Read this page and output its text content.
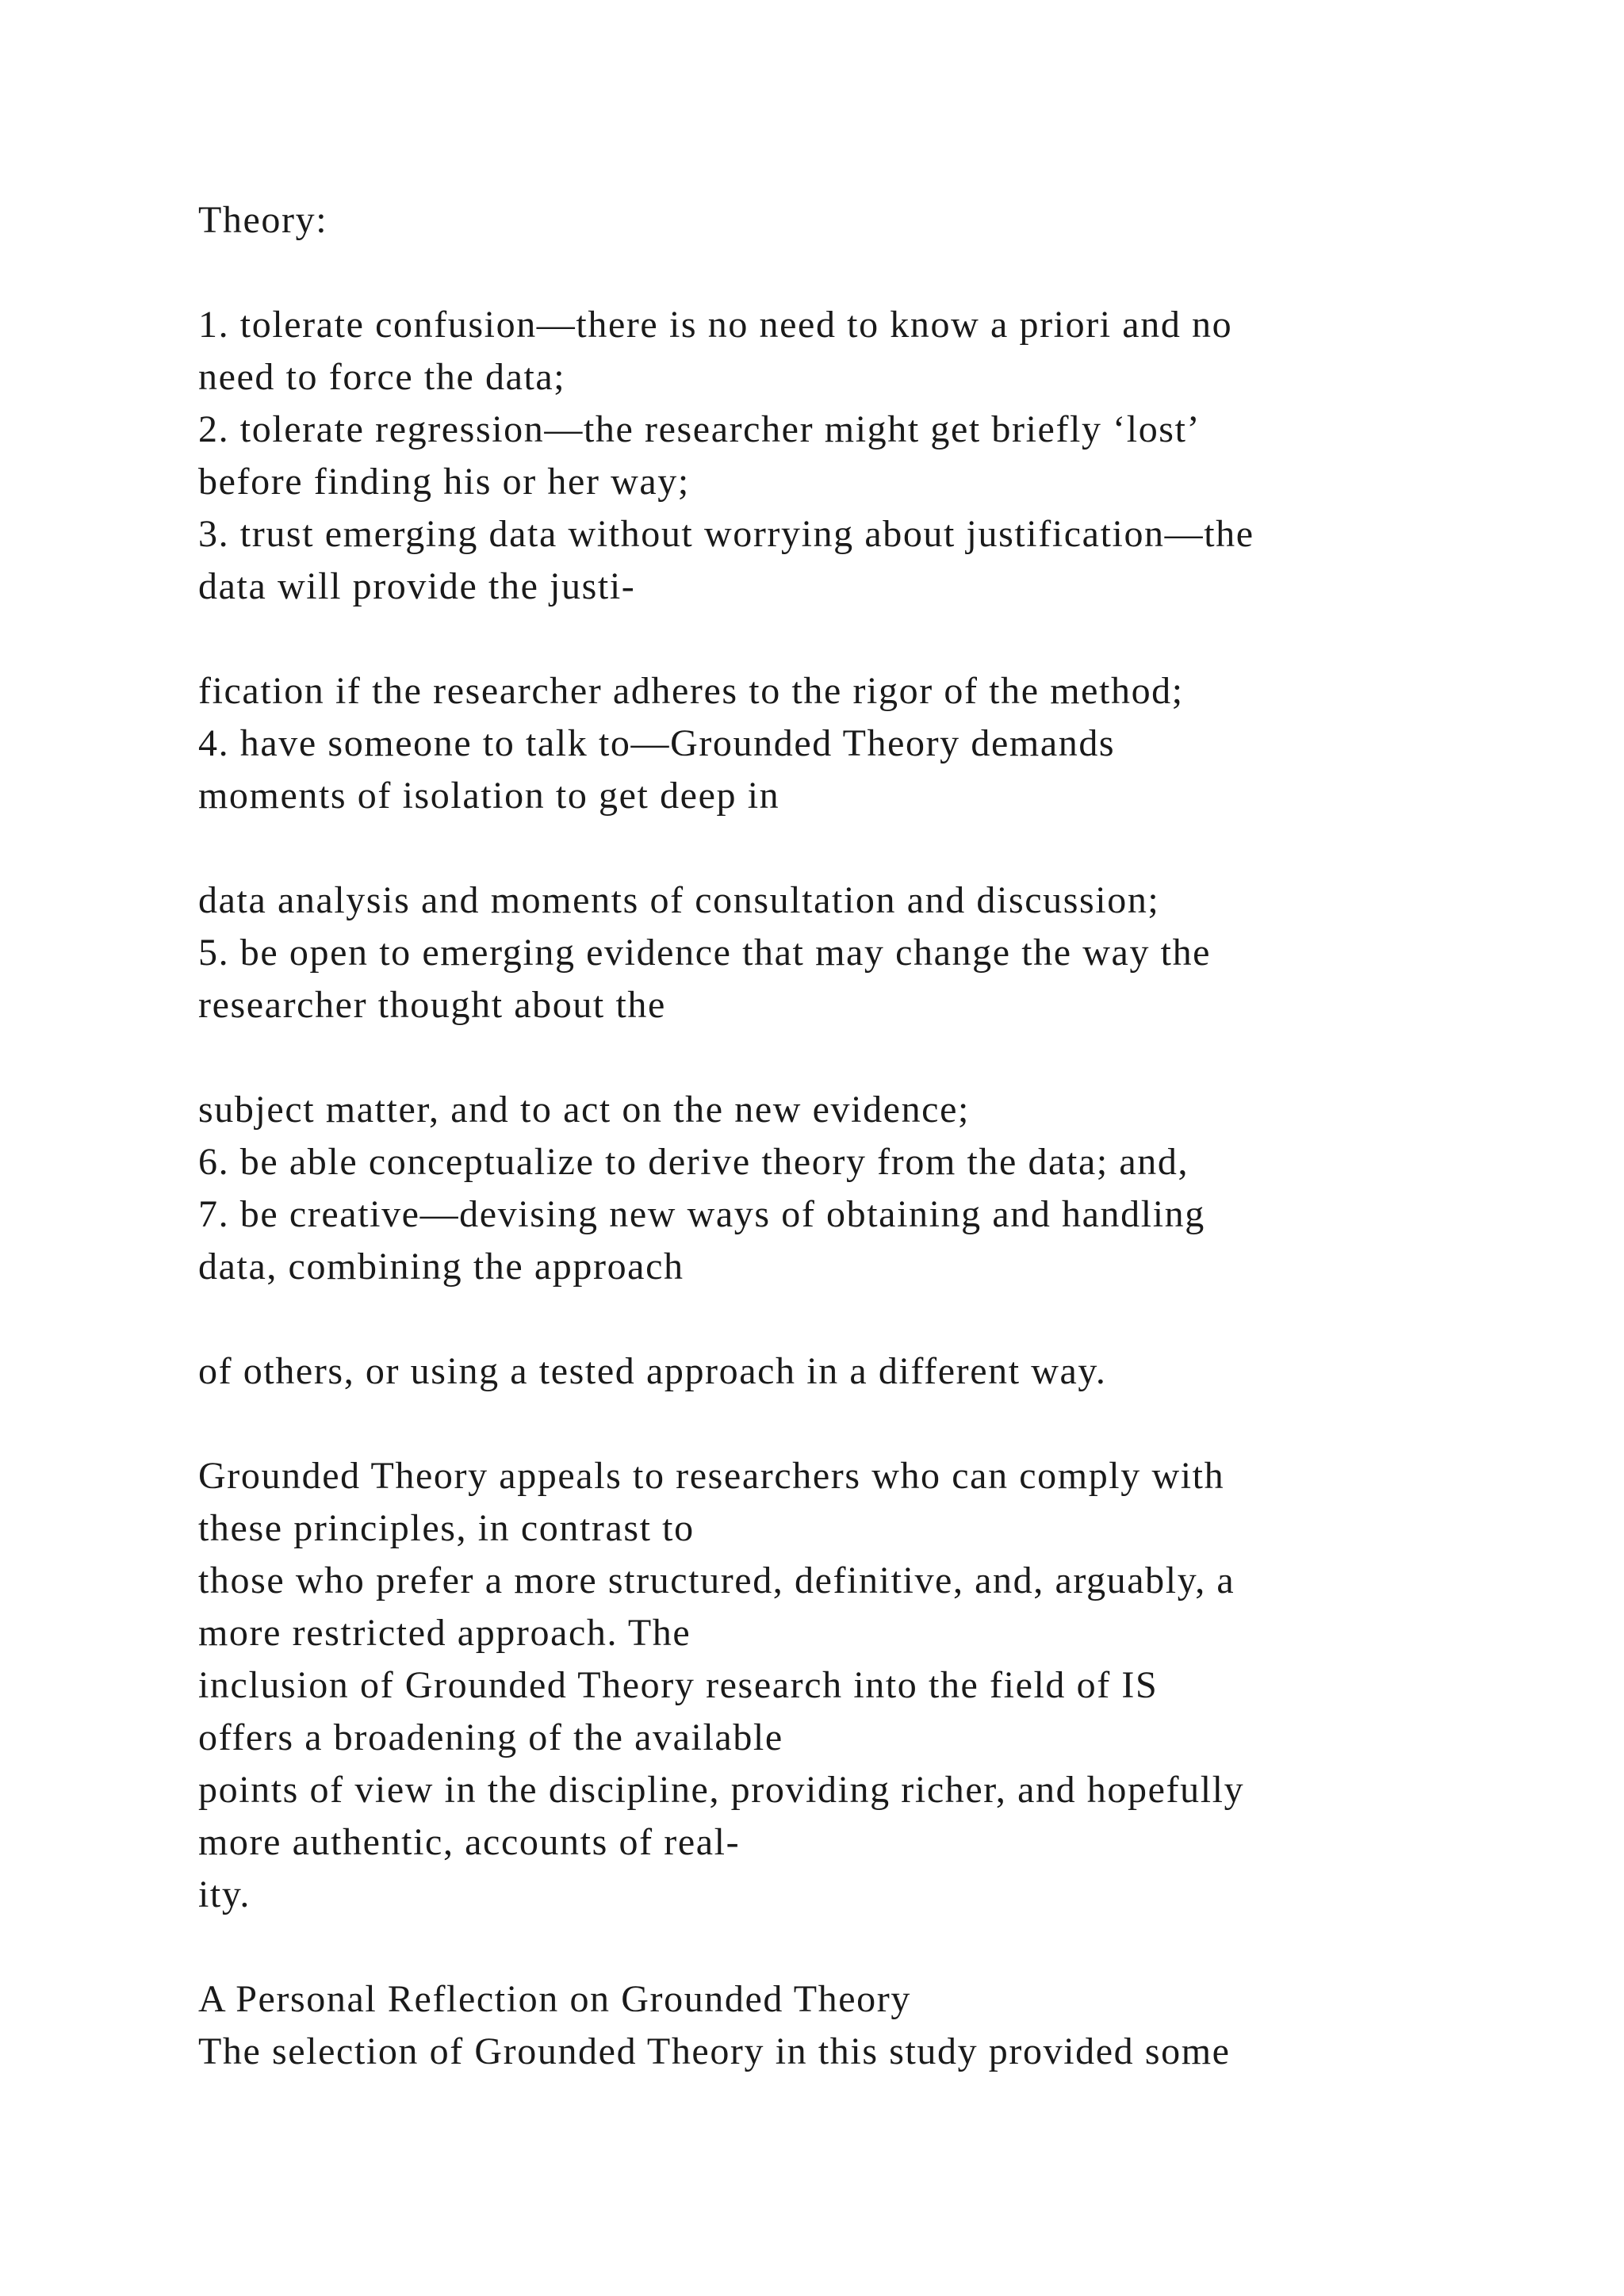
Theory:
1. tolerate confusion—there is no need to know a priori and no
need to force the data;
2. tolerate regression—the researcher might get briefly ‘lost’
before finding his or her way;
3. trust emerging data without worrying about justification—the
data will provide the justi-
fication if the researcher adheres to the rigor of the method;
4. have someone to talk to—Grounded Theory demands
moments of isolation to get deep in
data analysis and moments of consultation and discussion;
5. be open to emerging evidence that may change the way the
researcher thought about the
subject matter, and to act on the new evidence;
6. be able conceptualize to derive theory from the data; and,
7. be creative—devising new ways of obtaining and handling
data, combining the approach
of others, or using a tested approach in a different way.
Grounded Theory appeals to researchers who can comply with
these principles, in contrast to
those who prefer a more structured, definitive, and, arguably, a
more restricted approach. The
inclusion of Grounded Theory research into the field of IS
offers a broadening of the available
points of view in the discipline, providing richer, and hopefully
more authentic, accounts of real-
ity.
A Personal Reflection on Grounded Theory
The selection of Grounded Theory in this study provided some
